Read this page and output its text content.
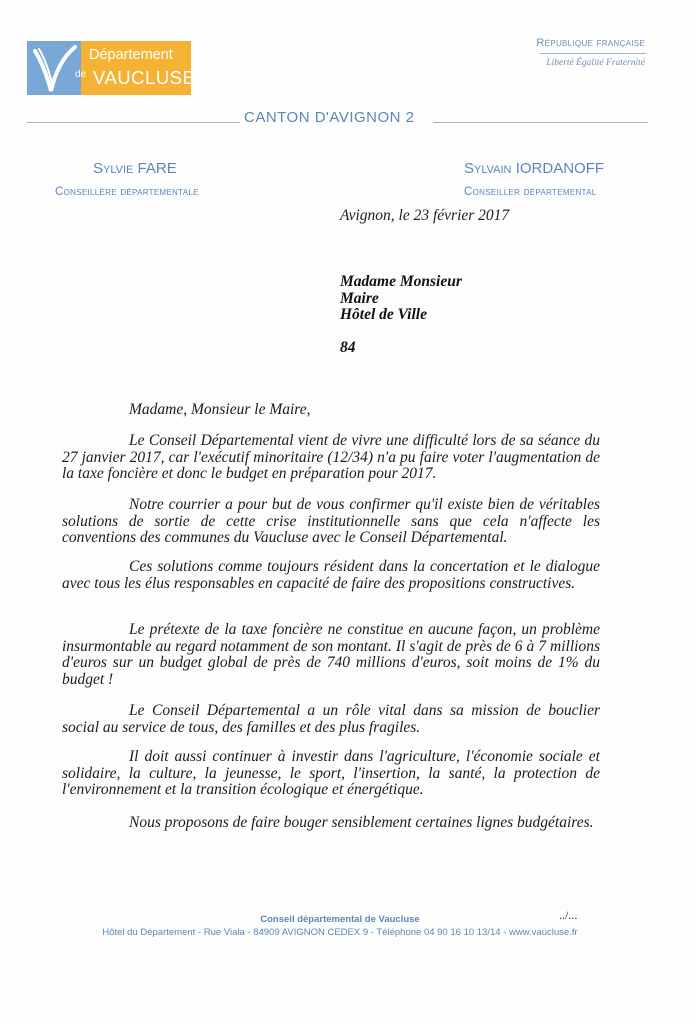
Département
de VAUCLUSE
République française
Liberté Égalité Fraternité
CANTON D'AVIGNON 2
Sylvie FARE
Conseillère départementale
Sylvain IORDANOFF
Conseiller départemental
Avignon, le 23 février 2017
Madame Monsieur
Maire
Hôtel de Ville
84
Madame, Monsieur le Maire,

Le Conseil Départemental vient de vivre une difficulté lors de sa séance du 27 janvier 2017, car l'exécutif minoritaire (12/34) n'a pu faire voter l'augmentation de la taxe foncière et donc le budget en préparation pour 2017.

Notre courrier a pour but de vous confirmer qu'il existe bien de véritables solutions de sortie de cette crise institutionnelle sans que cela n'affecte les conventions des communes du Vaucluse avec le Conseil Départemental.

Ces solutions comme toujours résident dans la concertation et le dialogue avec tous les élus responsables en capacité de faire des propositions constructives.

Le prétexte de la taxe foncière ne constitue en aucune façon, un problème insurmontable au regard notamment de son montant. Il s'agit de près de 6 à 7 millions d'euros sur un budget global de près de 740 millions d'euros, soit moins de 1% du budget !

Le Conseil Départemental a un rôle vital dans sa mission de bouclier social au service de tous, des familles et des plus fragiles.

Il doit aussi continuer à investir dans l'agriculture, l'économie sociale et solidaire, la culture, la jeunesse, le sport, l'insertion, la santé, la protection de l'environnement et la transition écologique et énergétique.

Nous proposons de faire bouger sensiblement certaines lignes budgétaires.

../...
Conseil départemental de Vaucluse
Hôtel du Département - Rue Viala - 84909 AVIGNON CEDEX 9 - Téléphone 04 90 16 10 13/14 - www.vaucluse.fr
